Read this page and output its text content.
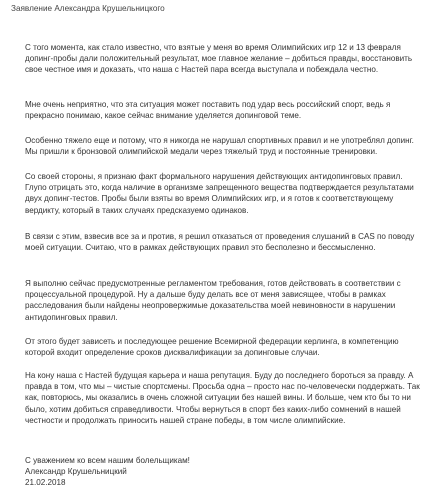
Заявление Александра Крушельницкого

С того момента, как стало известно, что взятые у меня во время Олимпийских игр 12 и 13 февраля допинг-пробы дали положительный результат, мое главное желание – добиться правды, восстановить свое честное имя и доказать, что наша с Настей пара всегда выступала и побеждала честно.

Мне очень неприятно, что эта ситуация может поставить под удар весь российский спорт, ведь я прекрасно понимаю, какое сейчас внимание уделяется допинговой теме.

Особенно тяжело еще и потому, что я никогда не нарушал спортивных правил и не употреблял допинг. Мы пришли к бронзовой олимпийской медали через тяжелый труд и постоянные тренировки.

Со своей стороны, я признаю факт формального нарушения действующих антидопинговых правил. Глупо отрицать это, когда наличие в организме запрещенного вещества подтверждается результатами двух допинг-тестов. Пробы были взяты во время Олимпийских игр, и я готов к соответствующему вердикту, который в таких случаях предсказуемо одинаков.

В связи с этим, взвесив все за и против, я решил отказаться от проведения слушаний в CAS по поводу моей ситуации. Считаю, что в рамках действующих правил это бесполезно и бессмысленно.

Я выполню сейчас предусмотренные регламентом требования, готов действовать в соответствии с процессуальной процедурой. Ну а дальше буду делать все от меня зависящее, чтобы в рамках расследования были найдены неопровержимые доказательства моей невиновности в нарушении антидопинговых правил.

От этого будет зависеть и последующее решение Всемирной федерации керлинга, в компетенцию которой входит определение сроков дисквалификации за допинговые случаи.

На кону наша с Настей будущая карьера и наша репутация. Буду до последнего бороться за правду. А правда в том, что мы – чистые спортсмены. Просьба одна – просто нас по-человечески поддержать. Так как, повторюсь, мы оказались в очень сложной ситуации без нашей вины. И больше, чем кто бы то ни было, хотим добиться справедливости. Чтобы вернуться в спорт без каких-либо сомнений в нашей честности и продолжать приносить нашей стране победы, в том числе олимпийские.

С уважением ко всем нашим болельщикам!
Александр Крушельницкий
21.02.2018
